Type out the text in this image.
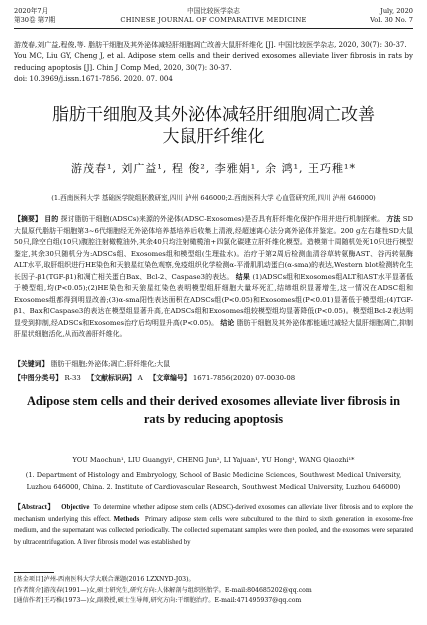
2020年7月
第30卷 第7期
中国比较医学杂志
CHINESE JOURNAL OF COMPARATIVE MEDICINE
July, 2020
Vol. 30 No. 7
游茂春,刘广益,程俊,等. 脂肪干细胞及其外泌体减轻肝细胞凋亡改善大鼠肝纤维化 [J]. 中国比较医学杂志, 2020, 30(7): 30-37.
You MC, Liu GY, Cheng J, et al. Adipose stem cells and their derived exosomes alleviate liver fibrosis in rats by reducing apoptosis [J]. Chin J Comp Med, 2020, 30(7): 30-37.
doi: 10.3969/j.issn.1671-7856. 2020. 07. 004
脂肪干细胞及其外泌体减轻肝细胞凋亡改善
大鼠肝纤维化
游茂春¹, 刘广益¹, 程 俊², 李雅娟¹, 余 鸿¹, 王巧稚¹*
(1.西南医科大学 基础医学院组胚教研室,四川 泸州 646000;2.西南医科大学 心血管研究所,四川 泸州 646000)
【摘要】 目的 探讨脂肪干细胞(ADSCs)来源的外泌体(ADSC-Exosomes)是否具有肝纤维化保护作用并进行机制探索。 方法 SD大鼠原代脂肪干细胞第3~6代细胞经无外泌体培养基培养后收集上清液,经超速离心法分离外泌体并鉴定。200 g左右雄性SD大鼠50只,除空白组(10只)腹腔注射橄榄油外,其余40只均注射橄榄油+四氯化碳建立肝纤维化模型。造模第十周随机处死10只进行模型鉴定,其余30只随机分为:ADSCs组、Exosomes组和模型组(生理盐水)。治疗于第2周后检测血清谷草转氨酶AST、谷丙转氨酶ALT水平,取肝组织进行HE染色和天狼星红染色观察,免疫组织化学检测α-平滑肌肌动蛋白(α-sma)的表达,Western blot检测转化生长因子-β1(TGF-β1)和凋亡相关蛋白Bax、Bcl-2、Caspase3的表达。 结果 (1)ADSCs组和Exosomes组ALT和AST水平显著低于模型组,均(P<0.05);(2)HE染色和天狼星红染色表明模型组肝细胞大量坏死汇,结缔组织显著增生,这一情况在ADSC组和Exosomes组都得到明显改善;(3)α-sma阳性表达面积在ADSCs组(P<0.05)和Exosomes组(P<0.01)显著低于模型组;(4)TGF-β1、Bax和Caspase3的表达在模型组显著升高,在ADSCs组和Exosomes组较模型组均显著降低(P<0.05)。模型组Bcl-2表达明显受到抑制,经ADSCs和Exosomes治疗后均明显升高(P<0.05)。 结论 脂肪干细胞及其外泌体都能通过减轻大鼠肝细胞凋亡,抑制肝星状细胞活化,从而改善肝纤维化。
【关键词】 脂肪干细胞;外泌体;凋亡;肝纤维化;大鼠
【中图分类号】 R-33 【文献标识码】 A 【文章编号】 1671-7856(2020) 07-0030-08
Adipose stem cells and their derived exosomes alleviate liver fibrosis in rats by reducing apoptosis
YOU Maochun¹, LIU Guangyi¹, CHENG Jun², LI Yajuan¹, YU Hong¹, WANG Qiaozhi¹*
(1. Department of Histology and Embryology, School of Basic Medicine Sciences, Southwest Medical University, Luzhou 646000, China. 2. Institute of Cardiovascular Research, Southwest Medical University, Luzhou 646000)
【Abstract】 Objective To determine whether adipose stem cells (ADSC)-derived exosomes can alleviate liver fibrosis and to explore the mechanism underlying this effect. Methods Primary adipose stem cells were subcultured to the third to sixth generation in exosome-free medium, and the supernatant was collected periodically. The collected supernatant samples were then pooled, and the exosomes were separated by ultracentrifugation. A liver fibrosis model was established by
[基金项目]泸州-西南医科大学大联合课题(2016 LZXNYD-J03)。
[作者简介]游茂春(1991—)女,硕士研究生,研究方向:人体解剖与组织胚胎学。E-mail:804685202@qq.com
[通信作者]王巧稚(1973—)女,副教授,硕士生导师,研究方向:干细胞治疗。E-mail:471495937@qq.com
